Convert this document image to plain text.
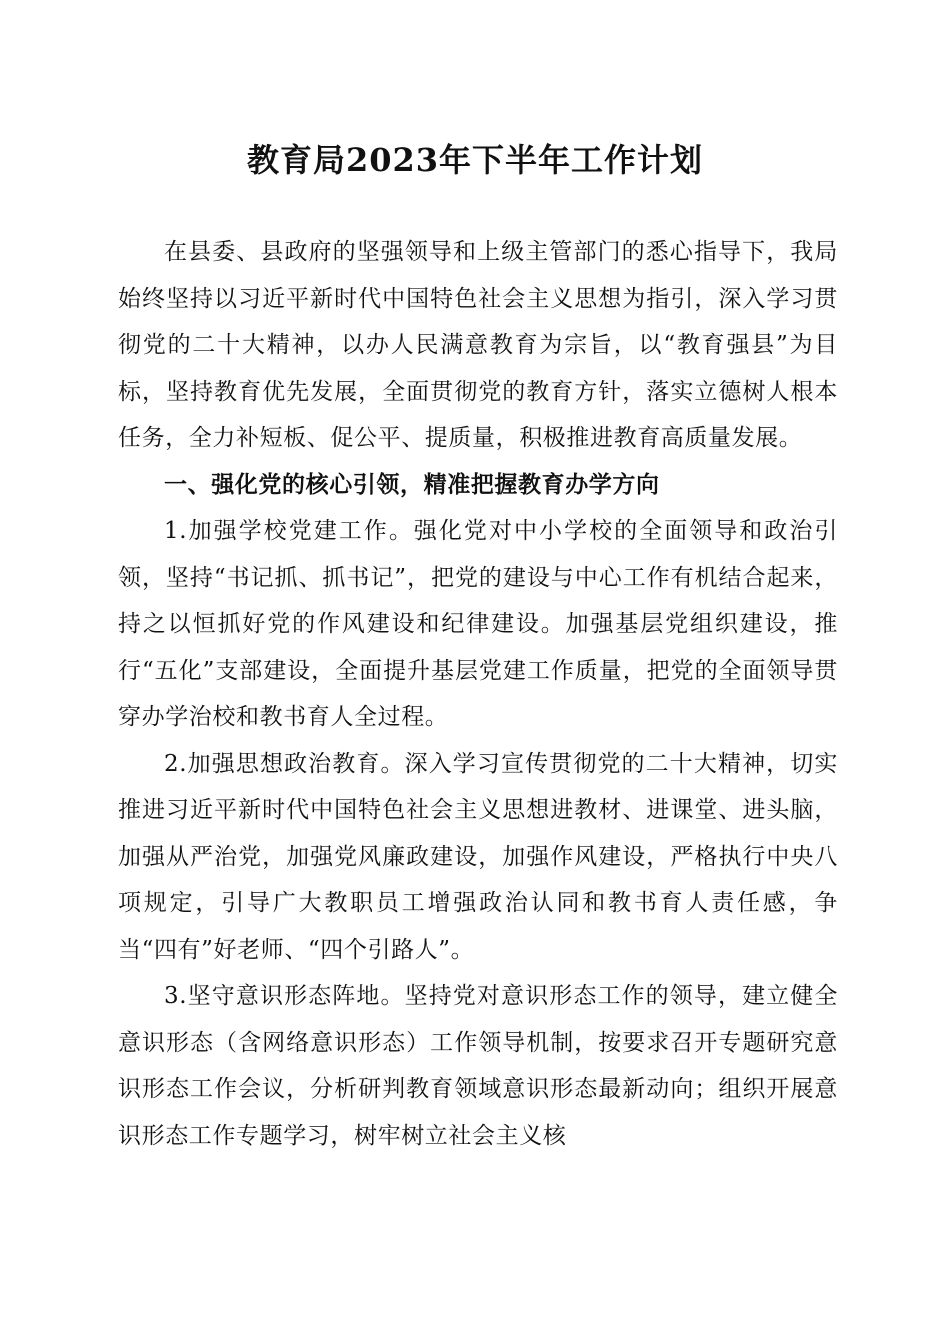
教育局2023年下半年工作计划

在县委、县政府的坚强领导和上级主管部门的悉心指导下，我局始终坚持以习近平新时代中国特色社会主义思想为指引，深入学习贯彻党的二十大精神，以办人民满意教育为宗旨，以“教育强县”为目标，坚持教育优先发展，全面贯彻党的教育方针，落实立德树人根本任务，全力补短板、促公平、提质量，积极推进教育高质量发展。

一、强化党的核心引领，精准把握教育办学方向

1.加强学校党建工作。强化党对中小学校的全面领导和政治引领，坚持“书记抓、抓书记”，把党的建设与中心工作有机结合起来，持之以恒抓好党的作风建设和纪律建设。加强基层党组织建设，推行“五化”支部建设，全面提升基层党建工作质量，把党的全面领导贯穿办学治校和教书育人全过程。

2.加强思想政治教育。深入学习宣传贯彻党的二十大精神，切实推进习近平新时代中国特色社会主义思想进教材、进课堂、进头脑，加强从严治党，加强党风廉政建设，加强作风建设，严格执行中央八项规定，引导广大教职员工增强政治认同和教书育人责任感，争当“四有”好老师、“四个引路人”。

3.坚守意识形态阵地。坚持党对意识形态工作的领导，建立健全意识形态（含网络意识形态）工作领导机制，按要求召开专题研究意识形态工作会议，分析研判教育领域意识形态最新动向；组织开展意识形态工作专题学习，树牢树立社会主义核
